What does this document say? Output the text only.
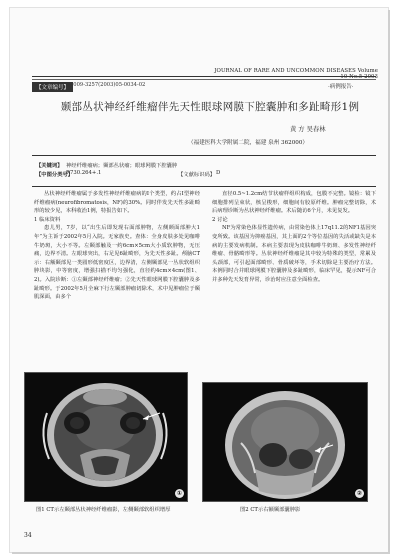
JOURNAL OF RARE AND UNCOMMON DISEASES Volume 10 No.5 2003
【文章编号】 1009-3257(2003)05-0034-02	·病例报告·
颞部丛状神经纤维瘤伴先天性眼球网膜下腔囊肿和多趾畸形1例
黄 方 吴春林
（福建医科大学附属二院，福建 泉州 362000）
【关键词】 神经纤维瘤病；颞部丛状瘤；眼球网膜下腔囊肿
【中图分类号】
R730.264+.1	【文献标识码】 D

丛状神经纤维瘤属于多发性神经纤维瘤病的Ⅰ个类型，约占Ⅰ型神经纤维瘤病(neurofibromatosis，NF)的30%。同时伴发先天性多趾畸形的较少见，本科收治1例，特报告如下。

1 临床资料

患儿男，7岁，以“出生后即发现右面部肿物，左侧颜面部肿大1年”为主诉于2002年5月入院。无家族史。查体：全身皮肤多处见咖啡牛奶斑，大小不等。左颞部触及一约6cm×5cm大小质软肿物，无压痛，边界不清。左眼球突出，右足见6趾畸形，为先天性多趾。颅脑CT示：右额颞部见一类圆形低密度区，边界清，左侧颞部见一丛状软组织肿块影，中等密度，增强扫描不均匀强化，直径约4cm×4cm(图1、2)。入院诊断：①左颞部神经纤维瘤；②先天性眼球网膜下腔囊肿及多趾畸形。于2002年5月全麻下行左颞部肿瘤切除术，术中见肿瘤位于颞肌深面，由多个

直径0.5~1.2cm结节状瘤样组织构成，包膜不完整。镜检：镜下细胞排列呈束状，核呈梭形，细胞间有胶原纤维。肿瘤完整切除，术后病理诊断为丛状神经纤维瘤。术后随访6个月，未见复发。

2 讨论

NF为常染色体显性遗传病，由常染色体上17q11.2的NF1基因突变所致。该基因为抑癌基因，其上面的2个等位基因的失活或缺失是本病的主要发病机制。本病主要表现为皮肤咖啡牛奶斑、多发性神经纤维瘤、骨骼畸形等。丛状神经纤维瘤是其中较为特殊的类型，常累及头颈部，可引起面部畸形、骨质破坏等，手术切除是主要治疗方法。本例同时合并眼球网膜下腔囊肿及多趾畸形，临床罕见，提示NF可合并多种先天发育异常，诊治时应注意全面检查。

①	②
图1 CT示左颞部丛状神经纤维瘤影，左侧颞部软组织增厚	图2 CT示右额颞部囊肿影
34
